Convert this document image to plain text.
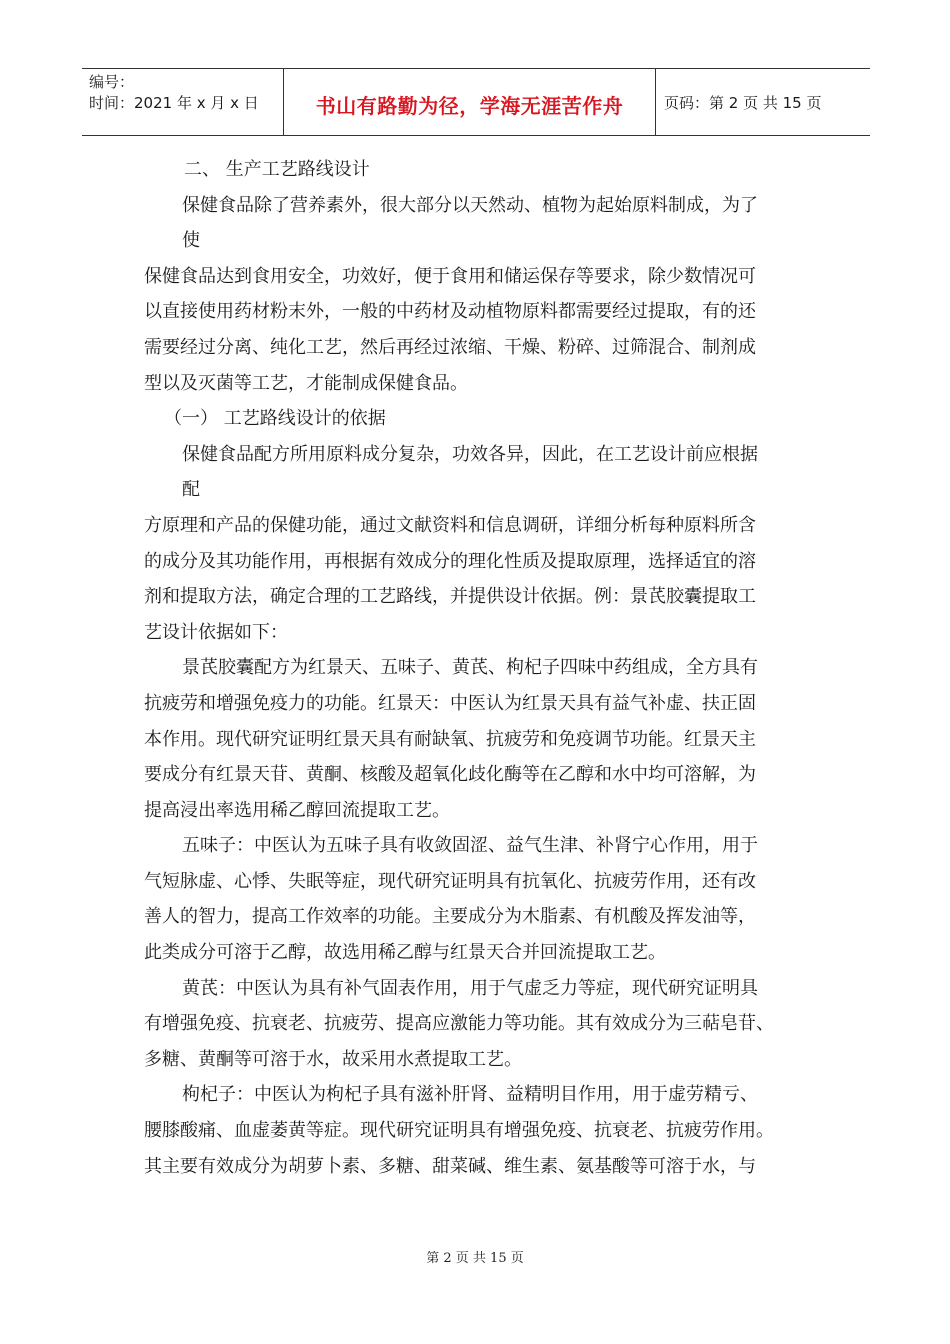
编号：
时间：2021 年 x 月 x 日	书山有路勤为径，学海无涯苦作舟	页码：第 2 页 共 15 页
二、 生产工艺路线设计
保健食品除了营养素外，很大部分以天然动、植物为起始原料制成，为了
使
保健食品达到食用安全，功效好，便于食用和储运保存等要求，除少数情况可
以直接使用药材粉末外，一般的中药材及动植物原料都需要经过提取，有的还
需要经过分离、纯化工艺，然后再经过浓缩、干燥、粉碎、过筛混合、制剂成
型以及灭菌等工艺，才能制成保健食品。
（一） 工艺路线设计的依据
保健食品配方所用原料成分复杂，功效各异，因此，在工艺设计前应根据
配
方原理和产品的保健功能，通过文献资料和信息调研，详细分析每种原料所含
的成分及其功能作用，再根据有效成分的理化性质及提取原理，选择适宜的溶
剂和提取方法，确定合理的工艺路线，并提供设计依据。例：景芪胶囊提取工
艺设计依据如下：
景芪胶囊配方为红景天、五味子、黄芪、枸杞子四味中药组成，全方具有
抗疲劳和增强免疫力的功能。红景天：中医认为红景天具有益气补虚、扶正固
本作用。现代研究证明红景天具有耐缺氧、抗疲劳和免疫调节功能。红景天主
要成分有红景天苷、黄酮、核酸及超氧化歧化酶等在乙醇和水中均可溶解，为
提高浸出率选用稀乙醇回流提取工艺。
五味子：中医认为五味子具有收敛固涩、益气生津、补肾宁心作用，用于
气短脉虚、心悸、失眠等症，现代研究证明具有抗氧化、抗疲劳作用，还有改
善人的智力，提高工作效率的功能。主要成分为木脂素、有机酸及挥发油等，
此类成分可溶于乙醇，故选用稀乙醇与红景天合并回流提取工艺。
黄芪：中医认为具有补气固表作用，用于气虚乏力等症，现代研究证明具
有增强免疫、抗衰老、抗疲劳、提高应激能力等功能。其有效成分为三萜皂苷、
多糖、黄酮等可溶于水，故采用水煮提取工艺。
枸杞子：中医认为枸杞子具有滋补肝肾、益精明目作用，用于虚劳精亏、
腰膝酸痛、血虚萎黄等症。现代研究证明具有增强免疫、抗衰老、抗疲劳作用。
其主要有效成分为胡萝卜素、多糖、甜菜碱、维生素、氨基酸等可溶于水，与
第 2 页 共 15 页
